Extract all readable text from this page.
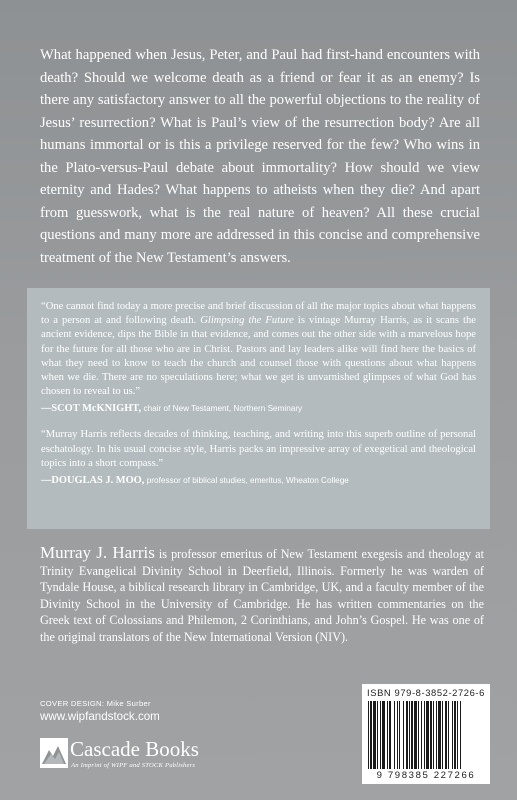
What happened when Jesus, Peter, and Paul had first-hand encounters with death? Should we welcome death as a friend or fear it as an enemy? Is there any satisfactory answer to all the powerful objections to the reality of Jesus’ resurrection? What is Paul’s view of the resurrection body? Are all humans immortal or is this a privilege reserved for the few? Who wins in the Plato-versus-Paul debate about immortality? How should we view eternity and Hades? What happens to atheists when they die? And apart from guesswork, what is the real nature of heaven? All these crucial questions and many more are addressed in this concise and comprehensive treatment of the New Testament’s answers.

“One cannot find today a more precise and brief discussion of all the major topics about what happens to a person at and following death. Glimpsing the Future is vintage Murray Harris, as it scans the ancient evidence, dips the Bible in that evidence, and comes out the other side with a marvelous hope for the future for all those who are in Christ. Pastors and lay leaders alike will find here the basics of what they need to know to teach the church and counsel those with questions about what happens when we die. There are no speculations here; what we get is unvarnished glimpses of what God has chosen to reveal to us.”

—SCOT McKNIGHT, chair of New Testament, Northern Seminary

“Murray Harris reflects decades of thinking, teaching, and writing into this superb outline of personal eschatology. In his usual concise style, Harris packs an impressive array of exegetical and theological topics into a short compass.”

—DOUGLAS J. MOO, professor of biblical studies, emeritus, Wheaton College

Murray J. Harris is professor emeritus of New Testament exegesis and theology at Trinity Evangelical Divinity School in Deerfield, Illinois. Formerly he was warden of Tyndale House, a biblical research library in Cambridge, UK, and a faculty member of the Divinity School in the University of Cambridge. He has written commentaries on the Greek text of Colossians and Philemon, 2 Corinthians, and John’s Gospel. He was one of the original translators of the New International Version (NIV).

COVER DESIGN: Mike Surber
www.wipfandstock.com
Cascade Books
An Imprint of WIPF and STOCK Publishers
ISBN 979-8-3852-2726-6
9 798385 227266
